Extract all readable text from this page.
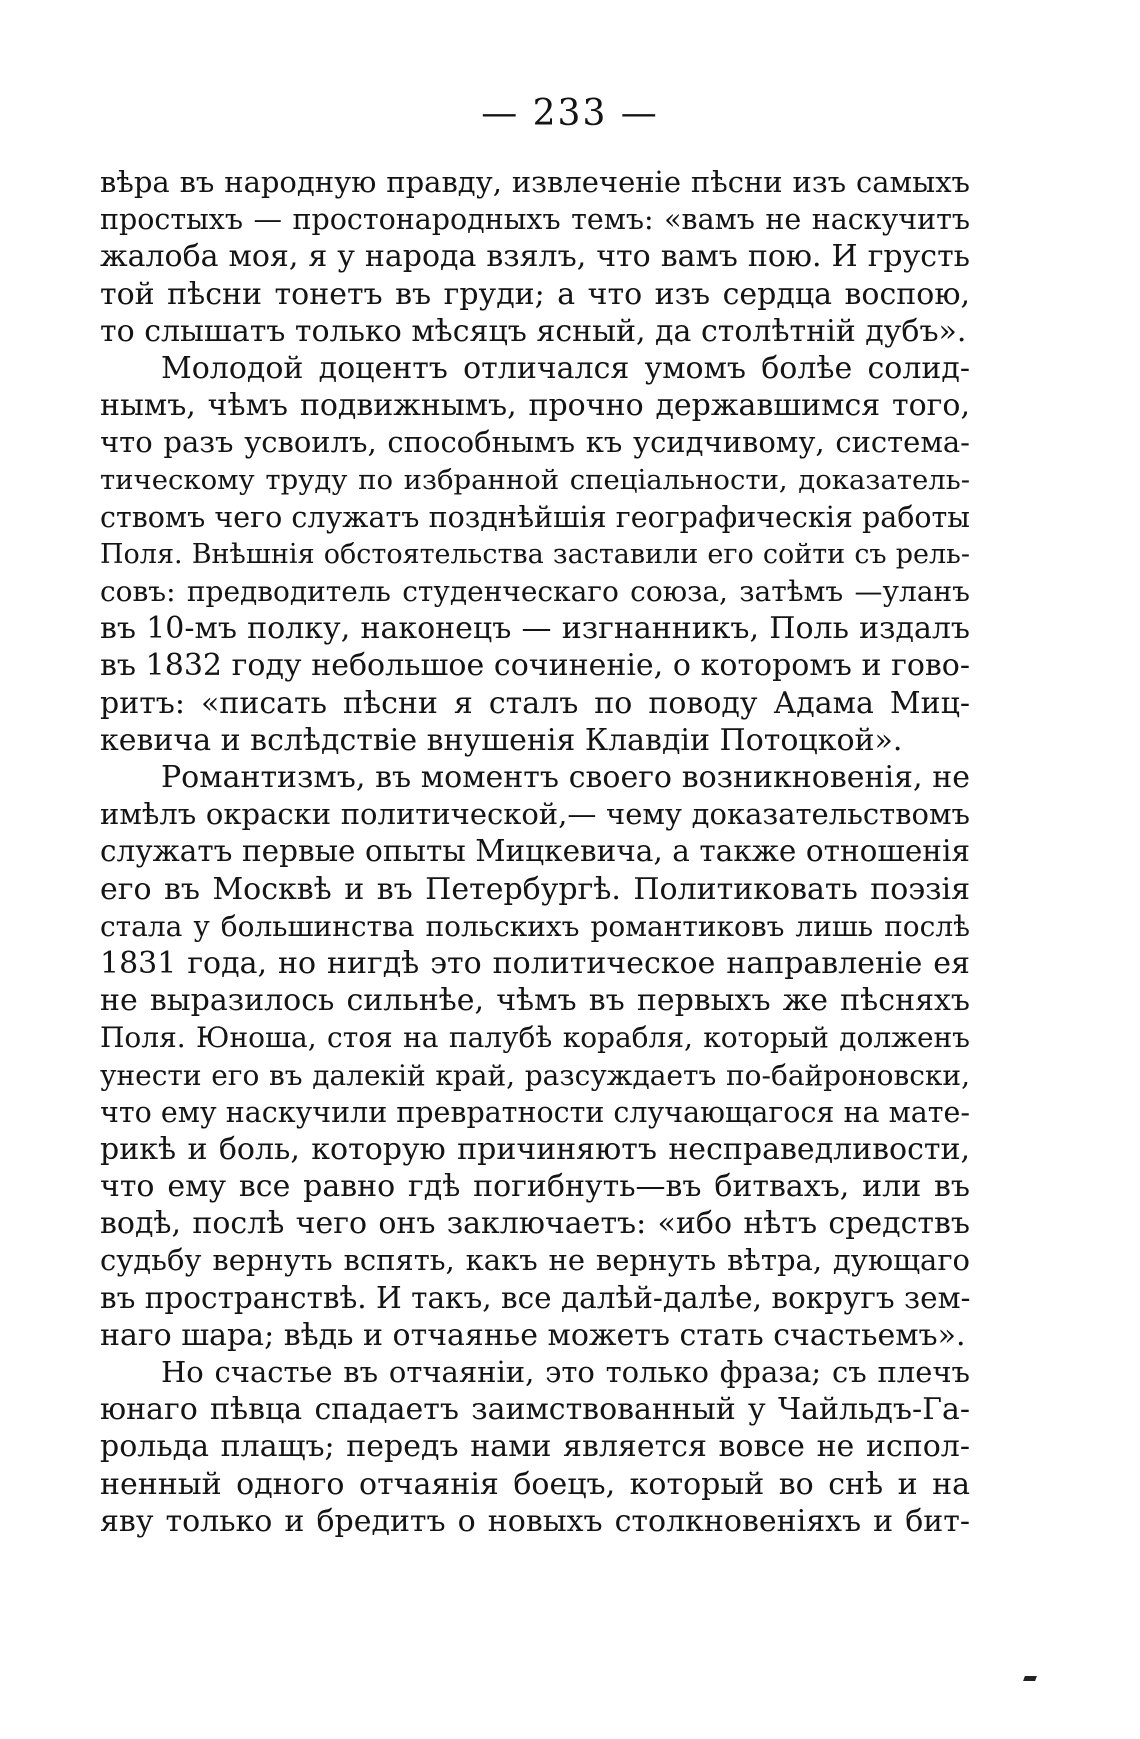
— 233 —
вѣра въ народную правду, извлеченіе пѣсни изъ самыхъ
простыхъ — простонародныхъ темъ: «вамъ не наскучитъ
жалоба моя, я у народа взялъ, что вамъ пою. И грусть
той пѣсни тонетъ въ груди; а что изъ сердца воспою,
то слышатъ только мѣсяцъ ясный, да столѣтній дубъ».
Молодой доцентъ отличался умомъ болѣе солид-
нымъ, чѣмъ подвижнымъ, прочно державшимся того,
что разъ усвоилъ, способнымъ къ усидчивому, система-
тическому труду по избранной спеціальности, доказатель-
ствомъ чего служатъ позднѣйшія географическія работы
Поля. Внѣшнія обстоятельства заставили его сойти съ рель-
совъ: предводитель студенческаго союза, затѣмъ —уланъ
въ 10-мъ полку, наконецъ — изгнанникъ, Поль издалъ
въ 1832 году небольшое сочиненіе, о которомъ и гово-
ритъ: «писать пѣсни я сталъ по поводу Адама Миц-
кевича и вслѣдствіе внушенія Клавдіи Потоцкой».
Романтизмъ, въ моментъ своего возникновенія, не
имѣлъ окраски политической,— чему доказательствомъ
служатъ первые опыты Мицкевича, а также отношенія
его въ Москвѣ и въ Петербургѣ. Политиковать поэзія
стала у большинства польскихъ романтиковъ лишь послѣ
1831 года, но нигдѣ это политическое направленіе ея
не выразилось сильнѣе, чѣмъ въ первыхъ же пѣсняхъ
Поля. Юноша, стоя на палубѣ корабля, который долженъ
унести его въ далекій край, разсуждаетъ по-байроновски,
что ему наскучили превратности случающагося на мате-
рикѣ и боль, которую причиняютъ несправедливости,
что ему все равно гдѣ погибнуть—въ битвахъ, или въ
водѣ, послѣ чего онъ заключаетъ: «ибо нѣтъ средствъ
судьбу вернуть вспять, какъ не вернуть вѣтра, дующаго
въ пространствѣ. И такъ, все далѣй-далѣе, вокругъ зем-
наго шара; вѣдь и отчаянье можетъ стать счастьемъ».
Но счастье въ отчаяніи, это только фраза; съ плечъ
юнаго пѣвца спадаетъ заимствованный у Чайльдъ-Га-
рольда плащъ; передъ нами является вовсе не испол-
ненный одного отчаянія боецъ, который во снѣ и на
яву только и бредитъ о новыхъ столкновеніяхъ и бит-
